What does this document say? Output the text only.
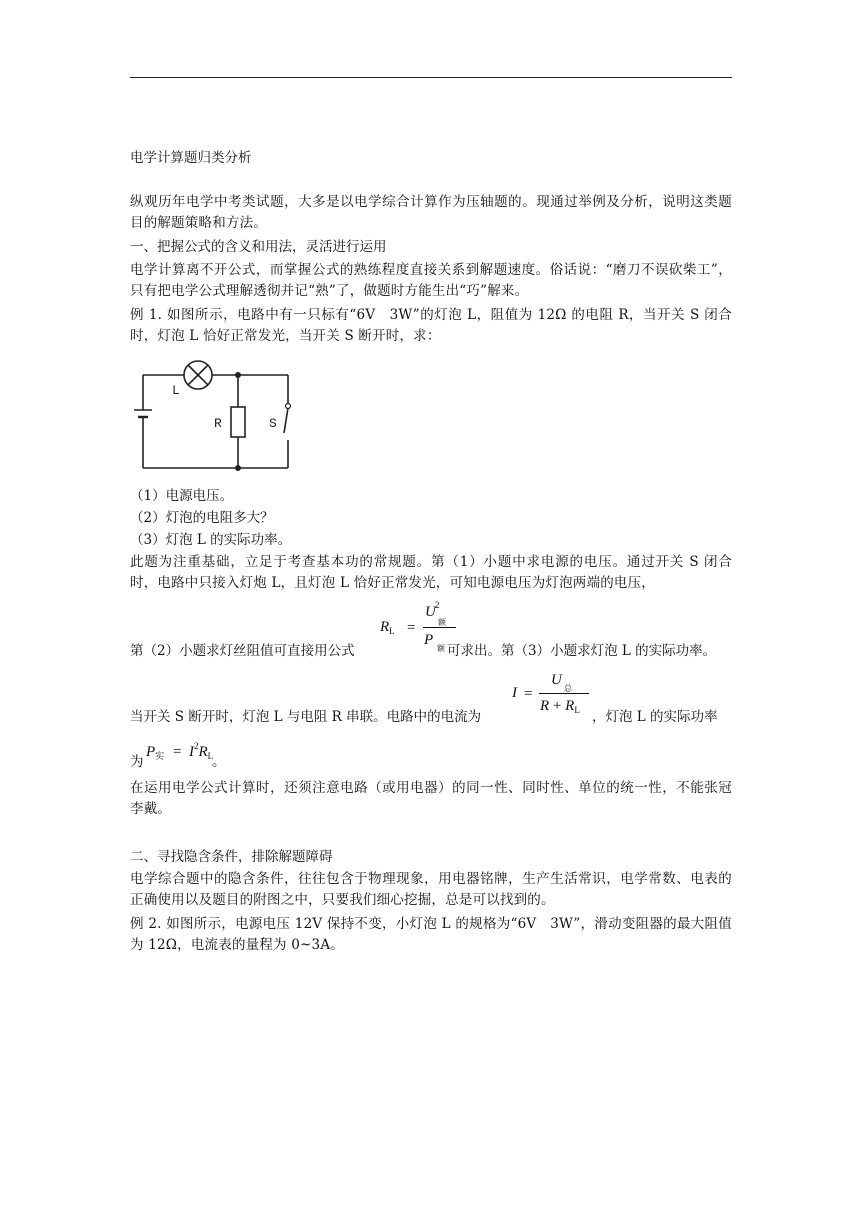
电学计算题归类分析
纵观历年电学中考类试题，大多是以电学综合计算作为压轴题的。现通过举例及分析，说明这类题目的解题策略和方法。
一、把握公式的含义和用法，灵活进行运用
电学计算离不开公式，而掌握公式的熟练程度直接关系到解题速度。俗话说：“磨刀不误砍柴工”，只有把电学公式理解透彻并记“熟”了，做题时方能生出“巧”解来。
例 1. 如图所示，电路中有一只标有“6V　3W”的灯泡 L，阻值为 12Ω 的电阻 R，当开关 S 闭合时，灯泡 L 恰好正常发光，当开关 S 断开时，求：
L
R	S
（1）电源电压。
（2）灯泡的电阻多大？
（3）灯泡 L 的实际功率。
此题为注重基础，立足于考查基本功的常规题。第（1）小题中求电源的电压。通过开关 S 闭合时，电路中只接入灯炮 L，且灯泡 L 恰好正常发光，可知电源电压为灯泡两端的电压，
$R_L$ =
$U^2$
额
P
额
第（2）小题求灯丝阻值可直接用公式	可求出。第（3）小题求灯泡 L 的实际功率。
I =
U
总
$R + R_L$
当开关 S 断开时，灯泡 L 与电阻 R 串联。电路中的电流为	，灯泡 L 的实际功率
为
$P_实 = I^2R_L$
。
在运用电学公式计算时，还须注意电路（或用电器）的同一性、同时性、单位的统一性，不能张冠李戴。
二、寻找隐含条件，排除解题障碍
电学综合题中的隐含条件，往往包含于物理现象，用电器铭牌，生产生活常识，电学常数、电表的正确使用以及题目的附图之中，只要我们细心挖掘，总是可以找到的。
例 2. 如图所示，电源电压 12V 保持不变，小灯泡 L 的规格为“6V　3W”，滑动变阻器的最大阻值为 12Ω，电流表的量程为 0~3A。
